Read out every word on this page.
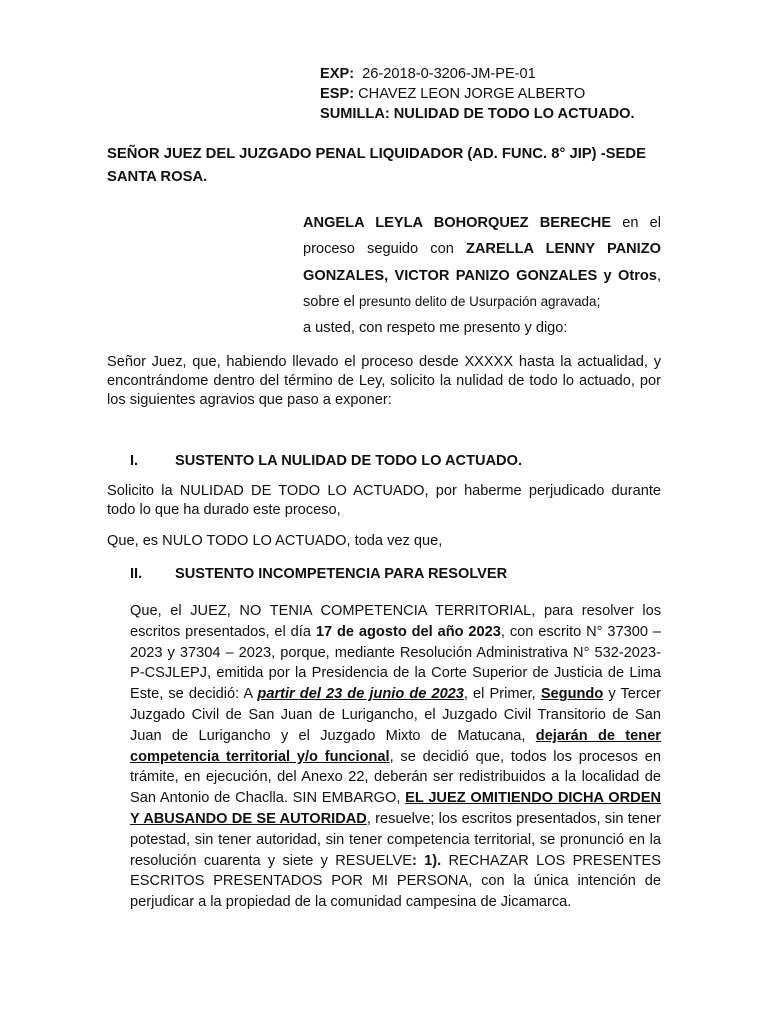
EXP: 26-2018-0-3206-JM-PE-01
ESP: CHAVEZ LEON JORGE ALBERTO
SUMILLA: NULIDAD DE TODO LO ACTUADO.
SEÑOR JUEZ DEL JUZGADO PENAL LIQUIDADOR (AD. FUNC. 8° JIP) -SEDE SANTA ROSA.
ANGELA LEYLA BOHORQUEZ BERECHE en el proceso seguido con ZARELLA LENNY PANIZO GONZALES, VICTOR PANIZO GONZALES y Otros, sobre el presunto delito de Usurpación agravada;
a usted, con respeto me presento y digo:
Señor Juez, que, habiendo llevado el proceso desde XXXXX hasta la actualidad, y encontrándome dentro del término de Ley, solicito la nulidad de todo lo actuado, por los siguientes agravios que paso a exponer:
I.	SUSTENTO LA NULIDAD DE TODO LO ACTUADO.
Solicito la NULIDAD DE TODO LO ACTUADO, por haberme perjudicado durante todo lo que ha durado este proceso,
Que, es NULO TODO LO ACTUADO, toda vez que,
II. SUSTENTO INCOMPETENCIA PARA RESOLVER
Que, el JUEZ, NO TENIA COMPETENCIA TERRITORIAL, para resolver los escritos presentados, el día 17 de agosto del año 2023, con escrito N° 37300 – 2023 y 37304 – 2023, porque, mediante Resolución Administrativa N° 532-2023-P-CSJLEPJ, emitida por la Presidencia de la Corte Superior de Justicia de Lima Este, se decidió: A partir del 23 de junio de 2023, el Primer, Segundo y Tercer Juzgado Civil de San Juan de Lurigancho, el Juzgado Civil Transitorio de San Juan de Lurigancho y el Juzgado Mixto de Matucana, dejarán de tener competencia territorial y/o funcional, se decidió que, todos los procesos en trámite, en ejecución, del Anexo 22, deberán ser redistribuidos a la localidad de San Antonio de Chaclla. SIN EMBARGO, EL JUEZ OMITIENDO DICHA ORDEN Y ABUSANDO DE SE AUTORIDAD, resuelve; los escritos presentados, sin tener potestad, sin tener autoridad, sin tener competencia territorial, se pronunció en la resolución cuarenta y siete y RESUELVE: 1). RECHAZAR LOS PRESENTES ESCRITOS PRESENTADOS POR MI PERSONA, con la única intención de perjudicar a la propiedad de la comunidad campesina de Jicamarca.
